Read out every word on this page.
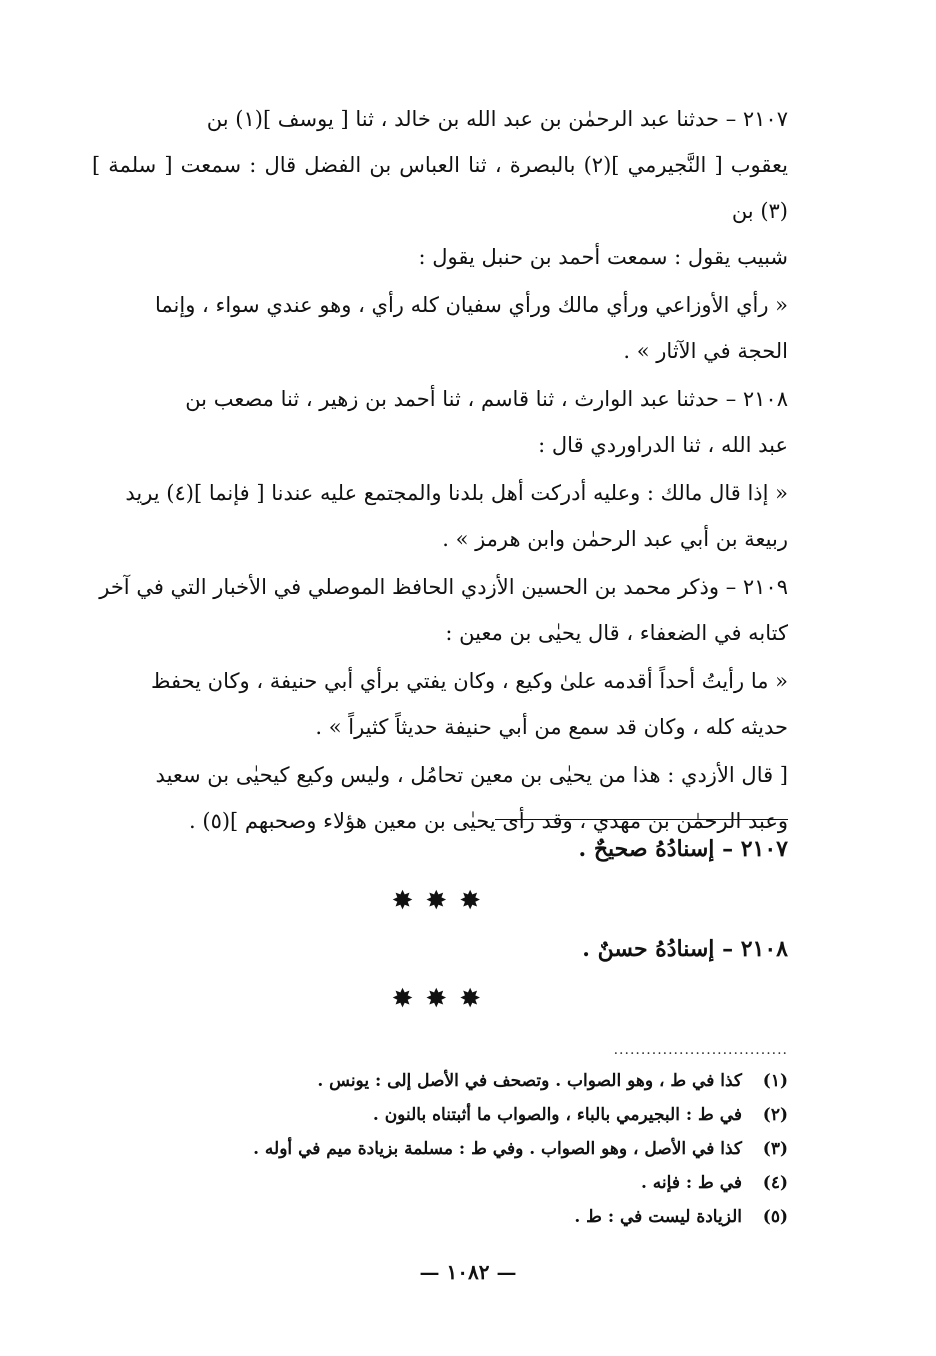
٢١٠٧ – حدثنا عبد الرحمٰن بن عبد الله بن خالد ، ثنا [ يوسف ](١) بن

يعقوب [ النَّجيرمي ](٢) بالبصرة ، ثنا العباس بن الفضل قال : سمعت [ سلمة ](٣) بن

شبيب يقول : سمعت أحمد بن حنبل يقول :

« رأي الأوزاعي ورأي مالك ورأي سفيان كله رأي ، وهو عندي سواء ، وإنما

الحجة في الآثار » .

٢١٠٨ – حدثنا عبد الوارث ، ثنا قاسم ، ثنا أحمد بن زهير ، ثنا مصعب بن

عبد الله ، ثنا الدراوردي قال :

« إذا قال مالك : وعليه أدركت أهل بلدنا والمجتمع عليه عندنا [ فإنما ](٤) يريد

ربيعة بن أبي عبد الرحمٰن وابن هرمز » .

٢١٠٩ – وذكر محمد بن الحسين الأزدي الحافظ الموصلي في الأخبار التي في آخر

كتابه في الضعفاء ، قال يحيٰى بن معين :

« ما رأيتُ أحداً أقدمه علىٰ وكيع ، وكان يفتي برأي أبي حنيفة ، وكان يحفظ

حديثه كله ، وكان قد سمع من أبي حنيفة حديثاً كثيراً » .

[ قال الأزدي : هذا من يحيٰى بن معين تحامُل ، وليس وكيع كيحيٰى بن سعيد

وعبد الرحمٰن بن مهدي ، وقد رأى يحيٰى بن معين هؤلاء وصحبهم ](٥) .

٢١٠٧ – إسنادُهُ صحيحٌ .
✸✸✸
٢١٠٨ – إسنادُهُ حسنٌ .
✸✸✸
................................
(١)كذا في ط ، وهو الصواب . وتصحف في الأصل إلى : يونس .
(٢)في ط : البجيرمي بالباء ، والصواب ما أثبتناه بالنون .
(٣)كذا في الأصل ، وهو الصواب . وفي ط : مسلمة بزيادة ميم في أوله .
(٤)في ط : فإنه .
(٥)الزيادة ليست في : ط .
— ١٠٨٢ —
